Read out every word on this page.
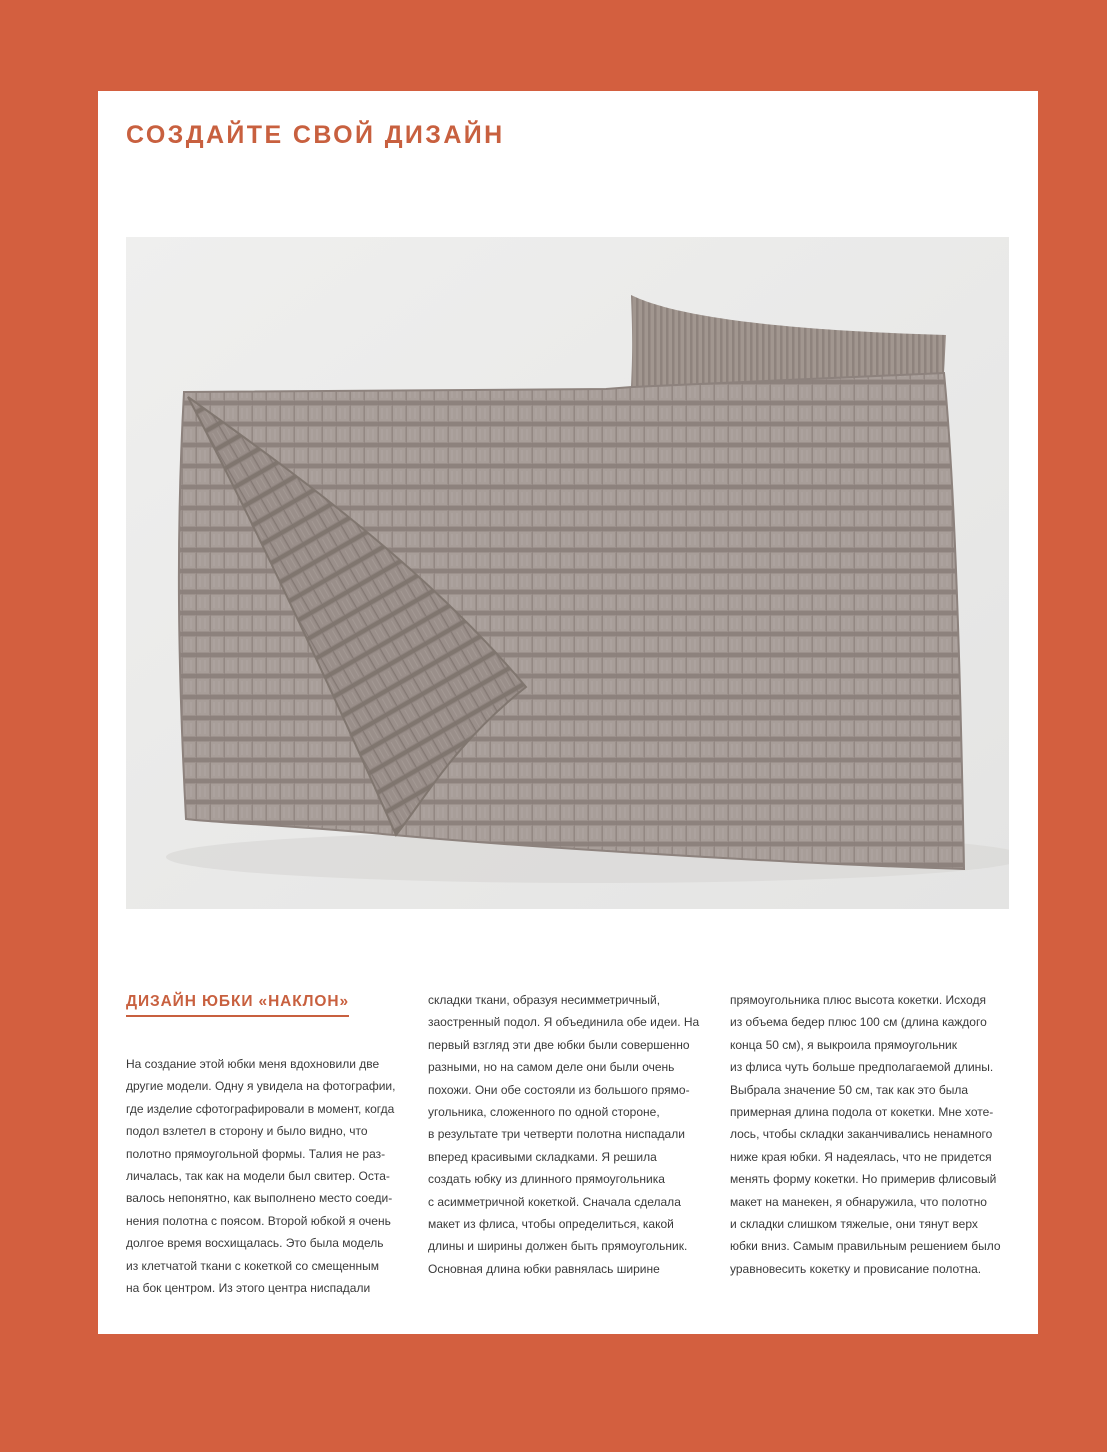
СОЗДАЙТЕ СВОЙ ДИЗАЙН
ДИЗАЙН ЮБКИ «НАКЛОН»
На создание этой юбки меня вдохновили две
другие модели. Одну я увидела на фотографии,
где изделие сфотографировали в момент, когда
подол взлетел в сторону и было видно, что
полотно прямоугольной формы. Талия не раз-
личалась, так как на модели был свитер. Оста-
валось непонятно, как выполнено место соеди-
нения полотна с поясом. Второй юбкой я очень
долгое время восхищалась. Это была модель
из клетчатой ткани с кокеткой со смещенным
на бок центром. Из этого центра ниспадали
складки ткани, образуя несимметричный,
заостренный подол. Я объединила обе идеи. На
первый взгляд эти две юбки были совершенно
разными, но на самом деле они были очень
похожи. Они обе состояли из большого прямо-
угольника, сложенного по одной стороне,
в результате три четверти полотна ниспадали
вперед красивыми складками. Я решила
создать юбку из длинного прямоугольника
с асимметричной кокеткой. Сначала сделала
макет из флиса, чтобы определиться, какой
длины и ширины должен быть прямоугольник.
Основная длина юбки равнялась ширине
прямоугольника плюс высота кокетки. Исходя
из объема бедер плюс 100 см (длина каждого
конца 50 см), я выкроила прямоугольник
из флиса чуть больше предполагаемой длины.
Выбрала значение 50 см, так как это была
примерная длина подола от кокетки. Мне хоте-
лось, чтобы складки заканчивались ненамного
ниже края юбки. Я надеялась, что не придется
менять форму кокетки. Но примерив флисовый
макет на манекен, я обнаружила, что полотно
и складки слишком тяжелые, они тянут верх
юбки вниз. Самым правильным решением было
уравновесить кокетку и провисание полотна.
